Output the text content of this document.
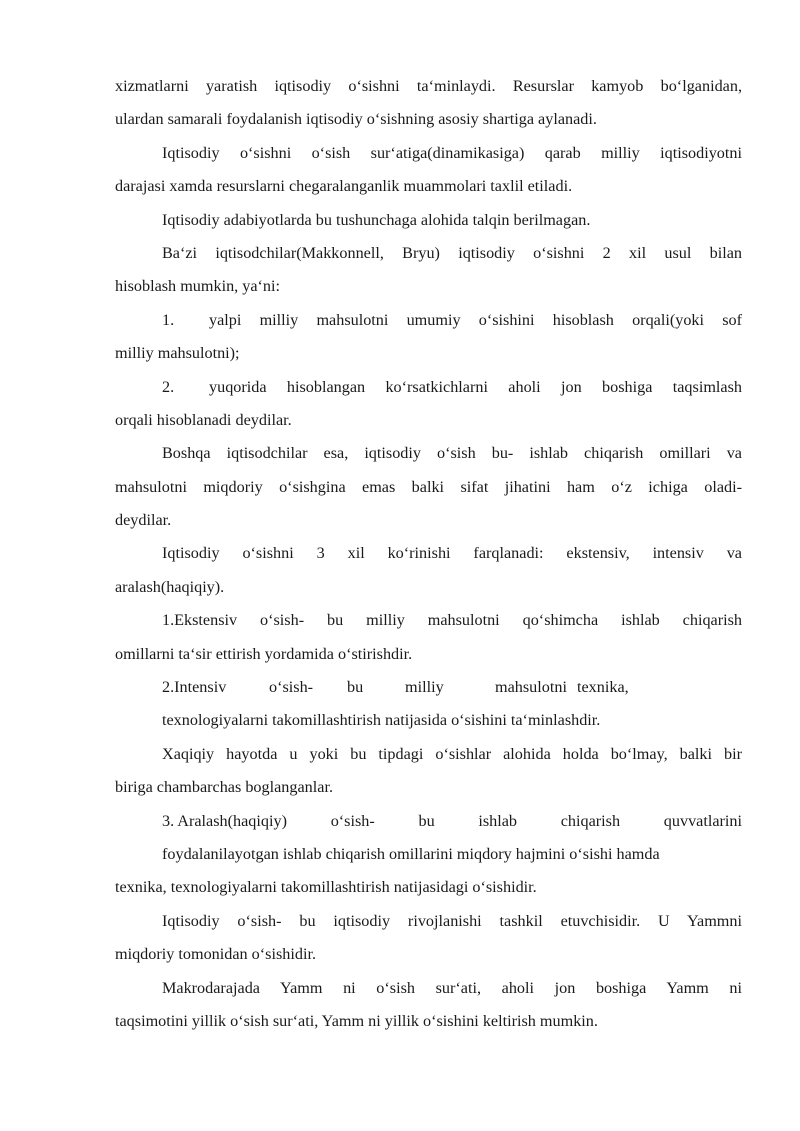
xizmatlarni yaratish iqtisodiy o‘sishni ta‘minlaydi. Resurslar kamyob bo‘lganidan,
ulardan samarali foydalanish iqtisodiy o‘sishning asosiy shartiga aylanadi.
Iqtisodiy o‘sishni o‘sish sur‘atiga(dinamikasiga) qarab milliy iqtisodiyotni
darajasi xamda resurslarni chegaralanganlik muammolari taxlil etiladi.
Iqtisodiy adabiyotlarda bu tushunchaga alohida talqin berilmagan.
Ba‘zi iqtisodchilar(Makkonnell, Bryu) iqtisodiy o‘sishni 2 xil usul bilan
hisoblash mumkin, ya‘ni:
1.	yalpi milliy mahsulotni umumiy o‘sishini hisoblash orqali(yoki sof
milliy mahsulotni);
2.	yuqorida hisoblangan ko‘rsatkichlarni aholi jon boshiga taqsimlash
orqali hisoblanadi deydilar.
Boshqa iqtisodchilar esa, iqtisodiy o‘sish bu- ishlab chiqarish omillari va
mahsulotni miqdoriy o‘sishgina emas balki sifat jihatini ham o‘z ichiga oladi-
deydilar.
Iqtisodiy o‘sishni 3 xil ko‘rinishi farqlanadi: ekstensiv, intensiv va
aralash(haqiqiy).
1.Ekstensiv o‘sish- bu milliy mahsulotni qo‘shimcha ishlab chiqarish
omillarni ta‘sir ettirish yordamida o‘stirishdir.
2.Intensiv	o‘sish-	bu	milliy	mahsulotni texnika,
texnologiyalarni takomillashtirish natijasida o‘sishini ta‘minlashdir.
Xaqiqiy hayotda u yoki bu tipdagi o‘sishlar alohida holda bo‘lmay, balki bir
biriga chambarchas boglanganlar.
3. Aralash(haqiqiy)	o‘sish-	bu	ishlab	chiqarish	quvvatlarini
foydalanilayotgan ishlab chiqarish omillarini miqdory hajmini o‘sishi hamda
texnika, texnologiyalarni takomillashtirish natijasidagi o‘sishidir.
Iqtisodiy o‘sish- bu iqtisodiy rivojlanishi tashkil etuvchisidir. U Yammni
miqdoriy tomonidan o‘sishidir.
Makrodarajada Yamm ni o‘sish sur‘ati, aholi jon boshiga Yamm ni
taqsimotini yillik o‘sish sur‘ati, Yamm ni yillik o‘sishini keltirish mumkin.
